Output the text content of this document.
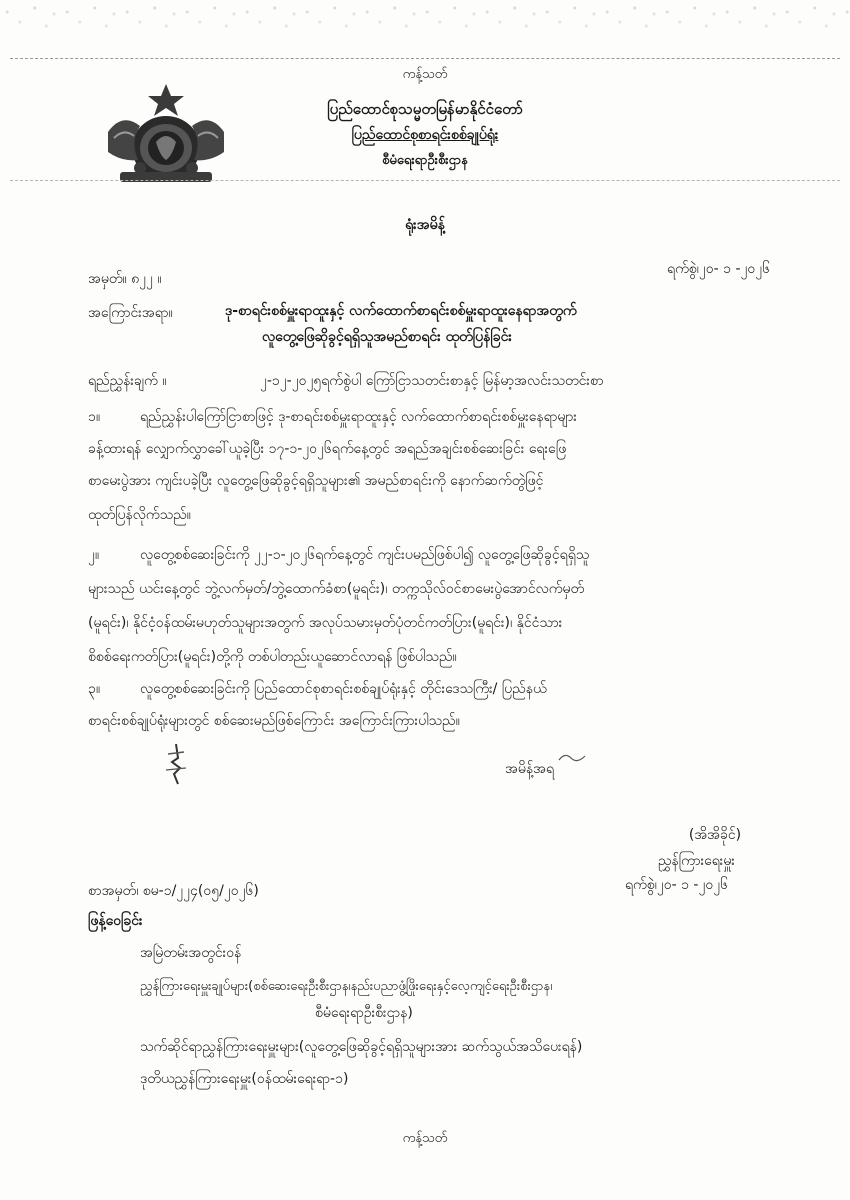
ကန့်သတ်
ပြည်ထောင်စုသမ္မတမြန်မာနိုင်ငံတော်
ပြည်ထောင်စုစာရင်းစစ်ချုပ်ရုံး
စီမံရေးရာဦးစီးဌာန
ရုံးအမိန့်
အမှတ်။ ၈၂၂ ။
ရက်စွဲ၊၂၀- ၁ -၂၀၂၆
အကြောင်းအရာ။	ဒု-စာရင်းစစ်မှူးရာထူးနှင့် လက်ထောက်စာရင်းစစ်မှူးရာထူးနေရာအတွက်
လူတွေ့ဖြေဆိုခွင့်ရရှိသူအမည်စာရင်း ထုတ်ပြန်ခြင်း
ရည်ညွှန်းချက် ။	၂-၁၂-၂၀၂၅ရက်စွဲပါ ကြော်ငြာသတင်းစာနှင့် မြန်မာ့အလင်းသတင်းစာ
၁။	ရည်ညွှန်းပါကြော်ငြာစာဖြင့် ဒု-စာရင်းစစ်မှူးရာထူးနှင့် လက်ထောက်စာရင်းစစ်မှူးနေရာများ
ခန့်ထားရန် လျှောက်လွှာခေါ်ယူခဲ့ပြီး ၁၇-၁-၂၀၂၆ရက်နေ့တွင် အရည်အချင်းစစ်ဆေးခြင်း ရေးဖြေ
စာမေးပွဲအား ကျင်းပခဲ့ပြီး လူတွေ့ဖြေဆိုခွင့်ရရှိသူများ၏ အမည်စာရင်းကို နောက်ဆက်တွဲဖြင့်
ထုတ်ပြန်လိုက်သည်။
၂။	လူတွေ့စစ်ဆေးခြင်းကို ၂၂-၁-၂၀၂၆ရက်နေ့တွင် ကျင်းပမည်ဖြစ်ပါ၍ လူတွေ့ဖြေဆိုခွင့်ရရှိသူ
များသည် ယင်းနေ့တွင် ဘွဲ့လက်မှတ်/ဘွဲ့ထောက်ခံစာ(မူရင်း)၊ တက္ကသိုလ်ဝင်စာမေးပွဲအောင်လက်မှတ်
(မူရင်း)၊ နိုင်ငံ့ဝန်ထမ်းမဟုတ်သူများအတွက် အလုပ်သမားမှတ်ပုံတင်ကတ်ပြား(မူရင်း)၊ နိုင်ငံသား
စိစစ်ရေးကတ်ပြား(မူရင်း)တို့ကို တစ်ပါတည်းယူဆောင်လာရန် ဖြစ်ပါသည်။
၃။	လူတွေ့စစ်ဆေးခြင်းကို ပြည်ထောင်စုစာရင်းစစ်ချုပ်ရုံးနှင့် တိုင်းဒေသကြီး/ ပြည်နယ်
စာရင်းစစ်ချုပ်ရုံးများတွင် စစ်ဆေးမည်ဖြစ်ကြောင်း အကြောင်းကြားပါသည်။
အမိန့်အရ
(အိအိခိုင်)
ညွှန်ကြားရေးမှူး
ရက်စွဲ၊၂၀- ၁ -၂၀၂၆
စာအမှတ်၊ စမ-၁/၂၂၄(၀၅/၂၀၂၆)
ဖြန့်ဝေခြင်း
အမြဲတမ်းအတွင်းဝန်
ညွှန်ကြားရေးမှူးချုပ်များ(စစ်ဆေးရေးဦးစီးဌာန၊နည်းပညာဖွံ့ဖြိုးရေးနှင့်လေ့ကျင့်ရေးဦးစီးဌာန၊
စီမံရေးရာဦးစီးဌာန)
သက်ဆိုင်ရာညွှန်ကြားရေးမှူးများ(လူတွေ့ဖြေဆိုခွင့်ရရှိသူများအား ဆက်သွယ်အသိပေးရန်)
ဒုတိယညွှန်ကြားရေးမှူး(ဝန်ထမ်းရေးရာ-၁)
ကန့်သတ်
